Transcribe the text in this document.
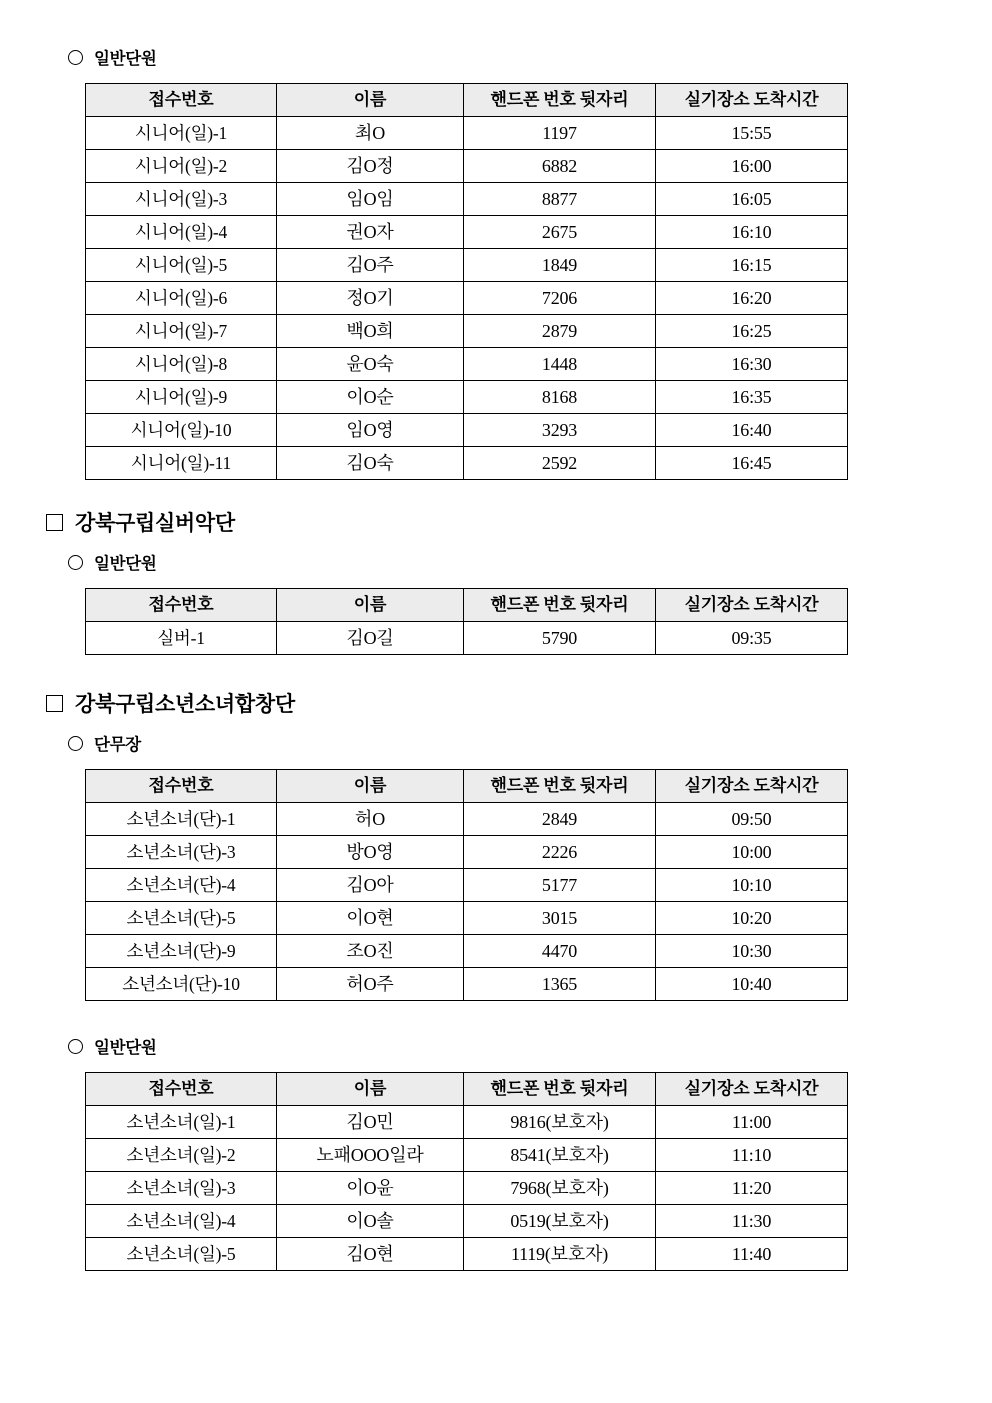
일반단원
접수번호	이름	핸드폰 번호 뒷자리	실기장소 도착시간
시니어(일)-1	최O	1197	15:55
시니어(일)-2	김O정	6882	16:00
시니어(일)-3	임O임	8877	16:05
시니어(일)-4	권O자	2675	16:10
시니어(일)-5	김O주	1849	16:15
시니어(일)-6	정O기	7206	16:20
시니어(일)-7	백O희	2879	16:25
시니어(일)-8	윤O숙	1448	16:30
시니어(일)-9	이O순	8168	16:35
시니어(일)-10	임O영	3293	16:40
시니어(일)-11	김O숙	2592	16:45
강북구립실버악단
일반단원
접수번호	이름	핸드폰 번호 뒷자리	실기장소 도착시간
실버-1	김O길	5790	09:35
강북구립소년소녀합창단
단무장
접수번호	이름	핸드폰 번호 뒷자리	실기장소 도착시간
소년소녀(단)-1	허O	2849	09:50
소년소녀(단)-3	방O영	2226	10:00
소년소녀(단)-4	김O아	5177	10:10
소년소녀(단)-5	이O현	3015	10:20
소년소녀(단)-9	조O진	4470	10:30
소년소녀(단)-10	허O주	1365	10:40
일반단원
접수번호	이름	핸드폰 번호 뒷자리	실기장소 도착시간
소년소녀(일)-1	김O민	9816(보호자)	11:00
소년소녀(일)-2	노패OOO일라	8541(보호자)	11:10
소년소녀(일)-3	이O윤	7968(보호자)	11:20
소년소녀(일)-4	이O솔	0519(보호자)	11:30
소년소녀(일)-5	김O현	1119(보호자)	11:40
